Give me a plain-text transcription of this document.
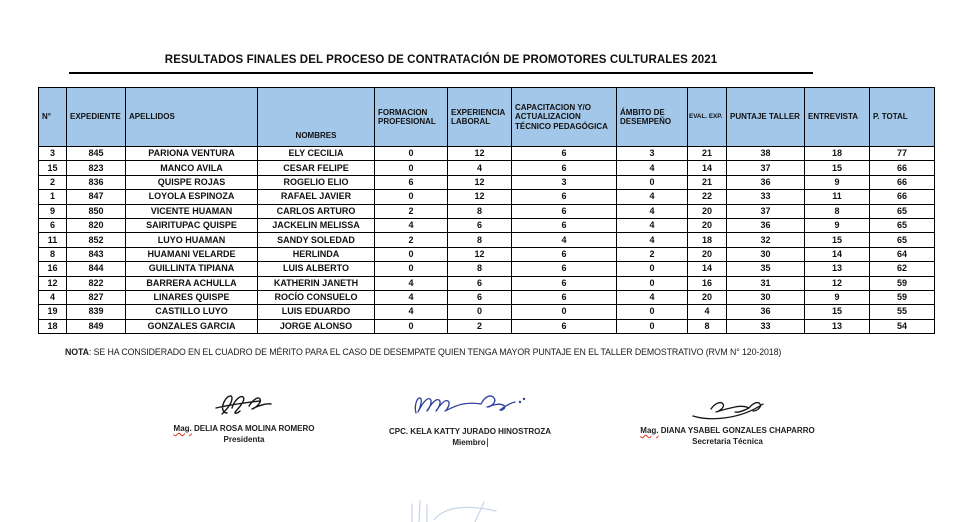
RESULTADOS FINALES DEL PROCESO DE CONTRATACIÓN DE PROMOTORES CULTURALES 2021
N°	EXPEDIENTE	APELLIDOS	NOMBRES	FORMACION PROFESIONAL	EXPERIENCIA LABORAL	CAPACITACION Y/O ACTUALIZACION TÉCNICO PEDAGÓGICA	ÁMBITO DE DESEMPEÑO	EVAL. EXP.	PUNTAJE TALLER	ENTREVISTA	P. TOTAL
3	845	PARIONA VENTURA	ELY CECILIA	0	12	6	3	21	38	18	77
15	823	MANCO AVILA	CESAR FELIPE	0	4	6	4	14	37	15	66
2	836	QUISPE ROJAS	ROGELIO ELIO	6	12	3	0	21	36	9	66
1	847	LOYOLA ESPINOZA	RAFAEL JAVIER	0	12	6	4	22	33	11	66
9	850	VICENTE HUAMAN	CARLOS ARTURO	2	8	6	4	20	37	8	65
6	820	SAIRITUPAC QUISPE	JACKELIN MELISSA	4	6	6	4	20	36	9	65
11	852	LUYO HUAMAN	SANDY SOLEDAD	2	8	4	4	18	32	15	65
8	843	HUAMANI VELARDE	HERLINDA	0	12	6	2	20	30	14	64
16	844	GUILLINTA TIPIANA	LUIS ALBERTO	0	8	6	0	14	35	13	62
12	822	BARRERA ACHULLA	KATHERIN JANETH	4	6	6	0	16	31	12	59
4	827	LINARES QUISPE	ROCÍO CONSUELO	4	6	6	4	20	30	9	59
19	839	CASTILLO LUYO	LUIS EDUARDO	4	0	0	0	4	36	15	55
18	849	GONZALES GARCIA	JORGE ALONSO	0	2	6	0	8	33	13	54

NOTA: SE HA CONSIDERADO EN EL CUADRO DE MÉRITO PARA EL CASO DE DESEMPATE QUIEN TENGA MAYOR PUNTAJE EN EL TALLER DEMOSTRATIVO (RVM N° 120-2018)

Mag. DELIA ROSA MOLINA ROMERO
Presidenta
CPC. KELA KATTY JURADO HINOSTROZA
Miembro
Mag. DIANA YSABEL GONZALES CHAPARRO
Secretaria Técnica
